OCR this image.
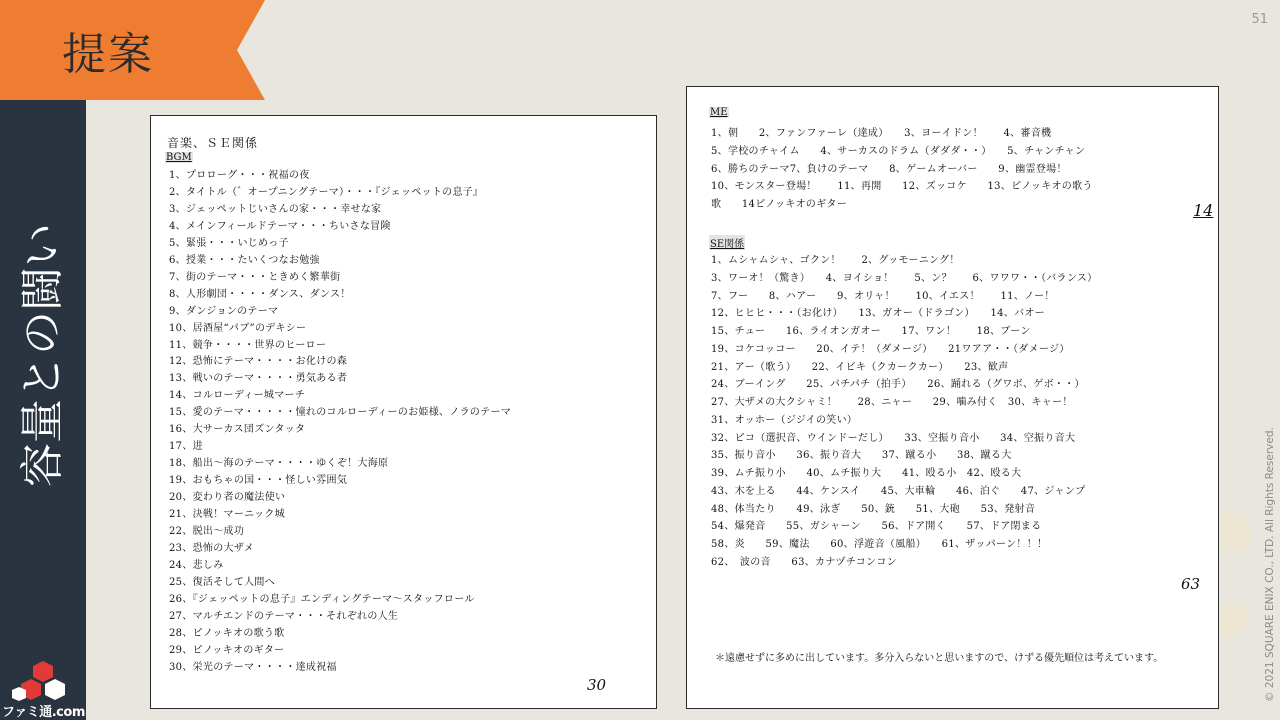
提案
容量との闘い
ファミ通.com
51
© 2021 SQUARE ENIX CO., LTD. All Rights Reserved.
音楽、ＳＥ関係
BGM
1、プロローグ・・・祝福の夜
2、タイトル（゛オープニングテーマ）・・・『ジェッペットの息子』
3、ジェッペットじいさんの家・・・幸せな家
4、メインフィールドテーマ・・・ちいさな冒険
5、緊張・・・いじめっ子
6、授業・・・たいくつなお勉強
7、街のテーマ・・・ときめく繁華街
8、人形劇団・・・・ダンス、ダンス！
9、ダンジョンのテーマ
10、居酒屋“パブ”のデキシー
11、競争・・・・世界のヒーロー
12、恐怖にテーマ・・・・お化けの森
13、戦いのテーマ・・・・勇気ある者
14、コルローディー城マーチ
15、愛のテーマ・・・・・憧れのコルローディーのお姫様、ノラのテーマ
16、大サーカス団ズンタッタ
17、进
18、船出～海のテーマ・・・・ゆくぞ！大海原
19、おもちゃの国・・・怪しい雰囲気
20、変わり者の魔法使い
21、決戦！マーニック城
22、脱出～成功
23、恐怖の大ザメ
24、悲しみ
25、復活そして人間へ
26、『ジェッペットの息子』エンディングテーマ～スタッフロール
27、マルチエンドのテーマ・・・それぞれの人生
28、ピノッキオの歌う歌
29、ピノッキオのギター
30、栄光のテーマ・・・・達成祝福
30
ME
1、朝　　2、ファンファーレ（達成）　　3、ヨーイドン！　　4、審音機
5、学校のチャイム　　4、サーカスのドラム（ダダダ・・）　　5、チャンチャン
6、勝ちのテーマ7、負けのテーマ　　8、ゲームオーバー　　9、幽霊登場！
10、モンスター登場！　　11、再開　　12、ズッコケ　　13、ピノッキオの歌う
歌　　14ピノッキオのギター	14
SE関係
1、ムシャムシャ、ゴクン！　　2、グッモーニング！
3、ワーオ！（驚き）　　4、ヨイショ！　　5、ン？　　6、ワワワ・・（バランス）
7、フー　　8、ハアー　　9、オリャ！　　10、イエス！　　11、ノー！
12、ヒヒヒ・・・（お化け）　　13、ガオー（ドラゴン）　　14、バオー
15、チュー　　16、ライオンガオー　　17、ワン！　　18、ブーン
19、コケコッコー　　20、イテ！（ダメージ）　　21ワアア・・（ダメージ）
21、アー（歌う）　　22、イビキ（クカークカー）　　23、歓声
24、ブーイング　　25、パチパチ（拍手）　　26、踊れる（グワボ、ゲボ・・）
27、大ザメの大クシャミ！　　28、ニャー　　29、噛み付く　30、キャー！
31、オッホー（ジジイの笑い）
32、ピコ（選択音、ウインドーだし）　　33、空振り音小　　34、空振り音大
35、振り音小　　36、振り音大　　37、蹴る小　　38、蹴る大
39、ムチ振り小　　40、ムチ振り大　　41、殴る小　42、殴る大
43、木を上る　　44、ケンスイ　　45、大車輪　　46、泊ぐ　　47、ジャンプ
48、体当たり　　49、泳ぎ　　50、銃　　51、大砲　　53、発射音
54、爆発音　　55、ガシャーン　　56、ドア開く　　57、ドア閉まる
58、炎　　59、魔法　　60、浮遊音（風船）　　61、ザッパーン！！！
62、　波の音　　63、カナヅチコンコン
63
＊遠慮せずに多めに出しています。多分入らないと思いますので、けずる優先順位は考えています。
